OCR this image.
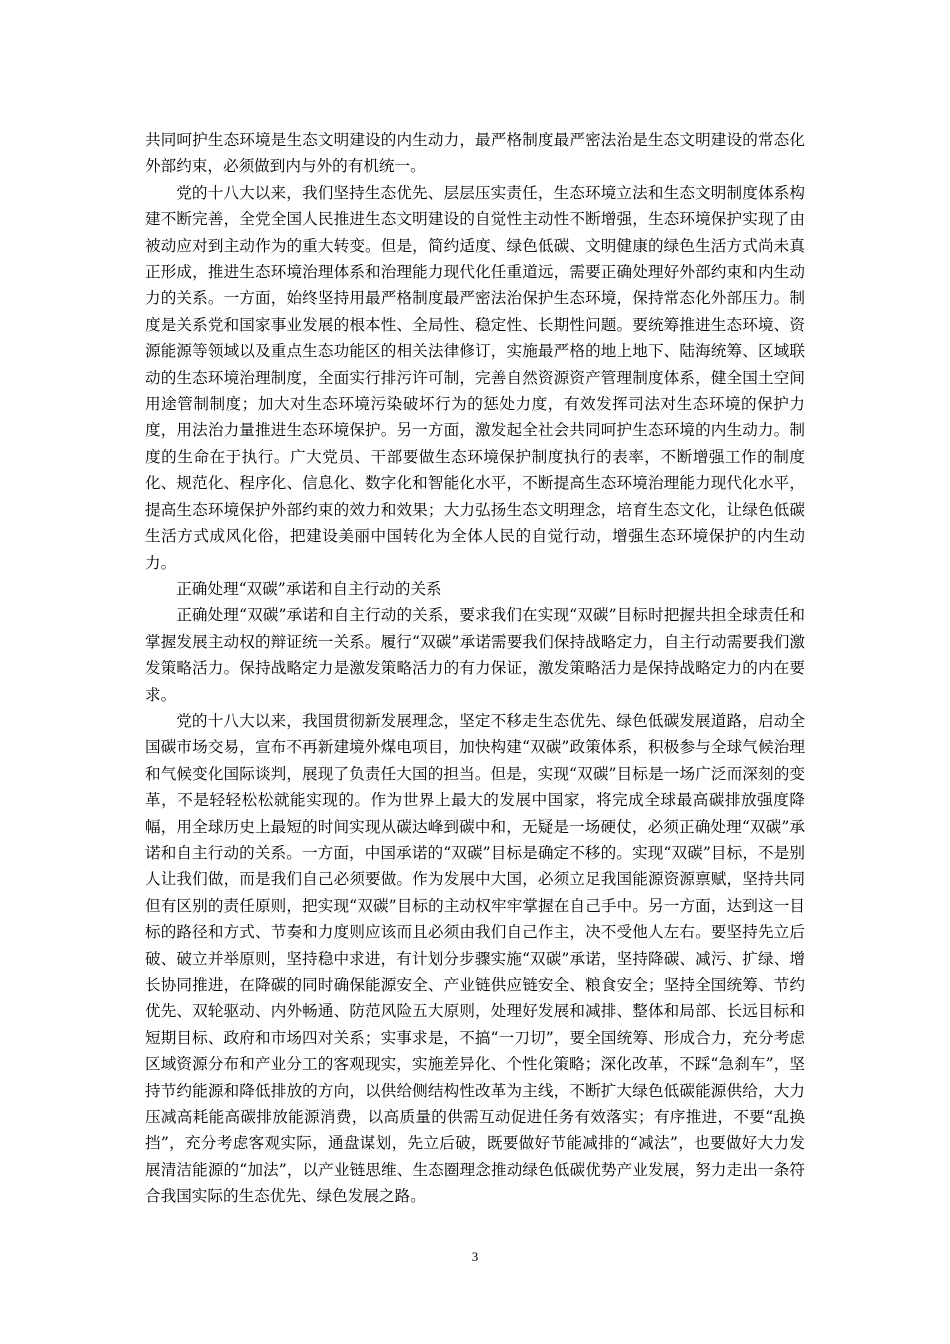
共同呵护生态环境是生态文明建设的内生动力，最严格制度最严密法治是生态文明建设的常态化外部约束，必须做到内与外的有机统一。

党的十八大以来，我们坚持生态优先、层层压实责任，生态环境立法和生态文明制度体系构建不断完善，全党全国人民推进生态文明建设的自觉性主动性不断增强，生态环境保护实现了由被动应对到主动作为的重大转变。但是，简约适度、绿色低碳、文明健康的绿色生活方式尚未真正形成，推进生态环境治理体系和治理能力现代化任重道远，需要正确处理好外部约束和内生动力的关系。一方面，始终坚持用最严格制度最严密法治保护生态环境，保持常态化外部压力。制度是关系党和国家事业发展的根本性、全局性、稳定性、长期性问题。要统筹推进生态环境、资源能源等领域以及重点生态功能区的相关法律修订，实施最严格的地上地下、陆海统筹、区域联动的生态环境治理制度，全面实行排污许可制，完善自然资源资产管理制度体系，健全国土空间用途管制制度；加大对生态环境污染破坏行为的惩处力度，有效发挥司法对生态环境的保护力度，用法治力量推进生态环境保护。另一方面，激发起全社会共同呵护生态环境的内生动力。制度的生命在于执行。广大党员、干部要做生态环境保护制度执行的表率，不断增强工作的制度化、规范化、程序化、信息化、数字化和智能化水平，不断提高生态环境治理能力现代化水平，提高生态环境保护外部约束的效力和效果；大力弘扬生态文明理念，培育生态文化，让绿色低碳生活方式成风化俗，把建设美丽中国转化为全体人民的自觉行动，增强生态环境保护的内生动力。

正确处理“双碳”承诺和自主行动的关系

正确处理“双碳”承诺和自主行动的关系，要求我们在实现“双碳”目标时把握共担全球责任和掌握发展主动权的辩证统一关系。履行“双碳”承诺需要我们保持战略定力，自主行动需要我们激发策略活力。保持战略定力是激发策略活力的有力保证，激发策略活力是保持战略定力的内在要求。

党的十八大以来，我国贯彻新发展理念，坚定不移走生态优先、绿色低碳发展道路，启动全国碳市场交易，宣布不再新建境外煤电项目，加快构建“双碳”政策体系，积极参与全球气候治理和气候变化国际谈判，展现了负责任大国的担当。但是，实现“双碳”目标是一场广泛而深刻的变革，不是轻轻松松就能实现的。作为世界上最大的发展中国家，将完成全球最高碳排放强度降幅，用全球历史上最短的时间实现从碳达峰到碳中和，无疑是一场硬仗，必须正确处理“双碳”承诺和自主行动的关系。一方面，中国承诺的“双碳”目标是确定不移的。实现“双碳”目标，不是别人让我们做，而是我们自己必须要做。作为发展中大国，必须立足我国能源资源禀赋，坚持共同但有区别的责任原则，把实现“双碳”目标的主动权牢牢掌握在自己手中。另一方面，达到这一目标的路径和方式、节奏和力度则应该而且必须由我们自己作主，决不受他人左右。要坚持先立后破、破立并举原则，坚持稳中求进，有计划分步骤实施“双碳”承诺，坚持降碳、减污、扩绿、增长协同推进，在降碳的同时确保能源安全、产业链供应链安全、粮食安全；坚持全国统筹、节约优先、双轮驱动、内外畅通、防范风险五大原则，处理好发展和减排、整体和局部、长远目标和短期目标、政府和市场四对关系；实事求是，不搞“一刀切”，要全国统筹、形成合力，充分考虑区域资源分布和产业分工的客观现实，实施差异化、个性化策略；深化改革，不踩“急刹车”，坚持节约能源和降低排放的方向，以供给侧结构性改革为主线，不断扩大绿色低碳能源供给，大力压减高耗能高碳排放能源消费，以高质量的供需互动促进任务有效落实；有序推进，不要“乱换挡”，充分考虑客观实际，通盘谋划，先立后破，既要做好节能减排的“减法”，也要做好大力发展清洁能源的“加法”，以产业链思维、生态圈理念推动绿色低碳优势产业发展，努力走出一条符合我国实际的生态优先、绿色发展之路。

3
